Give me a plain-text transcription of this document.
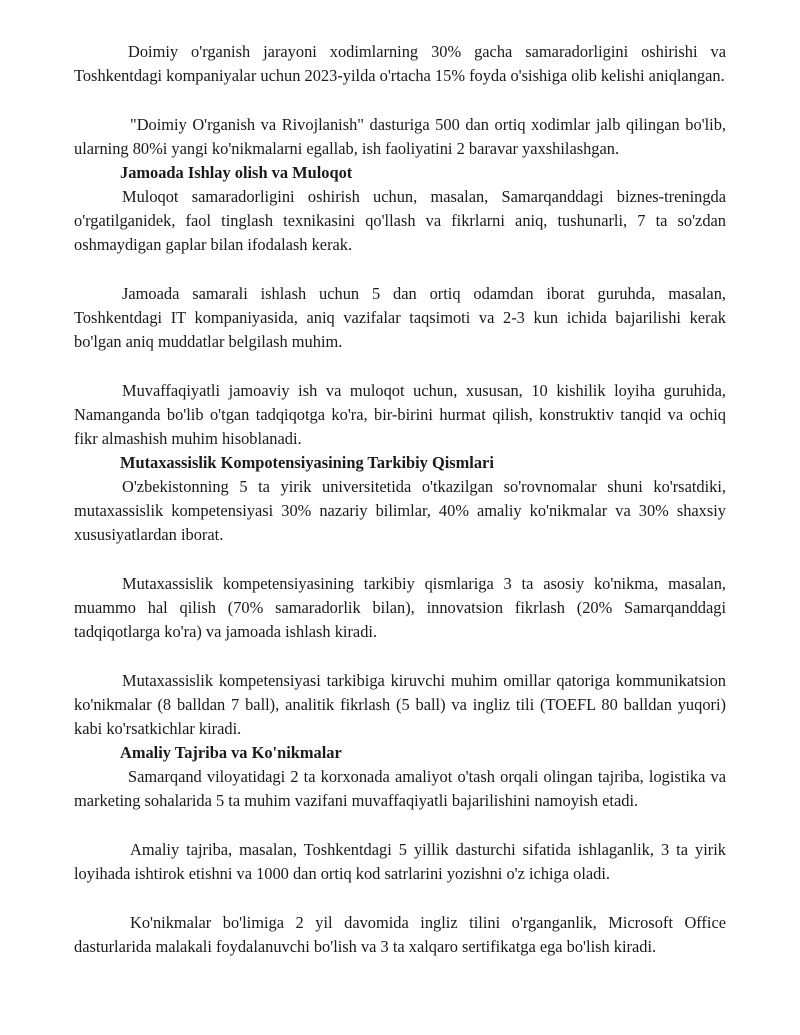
Doimiy o'rganish jarayoni xodimlarning 30% gacha samaradorligini oshirishi va Toshkentdagi kompaniyalar uchun 2023-yilda o'rtacha 15% foyda o'sishiga olib kelishi aniqlangan.

"Doimiy O'rganish va Rivojlanish" dasturiga 500 dan ortiq xodimlar jalb qilingan bo'lib, ularning 80%i yangi ko'nikmalarni egallab, ish faoliyatini 2 baravar yaxshilashgan.

Jamoada Ishlay olish va Muloqot

Muloqot samaradorligini oshirish uchun, masalan, Samarqanddagi biznes-treningda o'rgatilganidek, faol tinglash texnikasini qo'llash va fikrlarni aniq, tushunarli, 7 ta so'zdan oshmaydigan gaplar bilan ifodalash kerak.

Jamoada samarali ishlash uchun 5 dan ortiq odamdan iborat guruhda, masalan, Toshkentdagi IT kompaniyasida, aniq vazifalar taqsimoti va 2-3 kun ichida bajarilishi kerak bo'lgan aniq muddatlar belgilash muhim.

Muvaffaqiyatli jamoaviy ish va muloqot uchun, xususan, 10 kishilik loyiha guruhida, Namanganda bo'lib o'tgan tadqiqotga ko'ra, bir-birini hurmat qilish, konstruktiv tanqid va ochiq fikr almashish muhim hisoblanadi.

Mutaxassislik Kompotensiyasining Tarkibiy Qismlari

O'zbekistonning 5 ta yirik universitetida o'tkazilgan so'rovnomalar shuni ko'rsatdiki, mutaxassislik kompetensiyasi 30% nazariy bilimlar, 40% amaliy ko'nikmalar va 30% shaxsiy xususiyatlardan iborat.

Mutaxassislik kompetensiyasining tarkibiy qismlariga 3 ta asosiy ko'nikma, masalan, muammo hal qilish (70% samaradorlik bilan), innovatsion fikrlash (20% Samarqanddagi tadqiqotlarga ko'ra) va jamoada ishlash kiradi.

Mutaxassislik kompetensiyasi tarkibiga kiruvchi muhim omillar qatoriga kommunikatsion ko'nikmalar (8 balldan 7 ball), analitik fikrlash (5 ball) va ingliz tili (TOEFL 80 balldan yuqori) kabi ko'rsatkichlar kiradi.

Amaliy Tajriba va Ko'nikmalar

Samarqand viloyatidagi 2 ta korxonada amaliyot o'tash orqali olingan tajriba, logistika va marketing sohalarida 5 ta muhim vazifani muvaffaqiyatli bajarilishini namoyish etadi.

Amaliy tajriba, masalan, Toshkentdagi 5 yillik dasturchi sifatida ishlaganlik, 3 ta yirik loyihada ishtirok etishni va 1000 dan ortiq kod satrlarini yozishni o'z ichiga oladi.

Ko'nikmalar bo'limiga 2 yil davomida ingliz tilini o'rganganlik, Microsoft Office dasturlarida malakali foydalanuvchi bo'lish va 3 ta xalqaro sertifikatga ega bo'lish kiradi.
